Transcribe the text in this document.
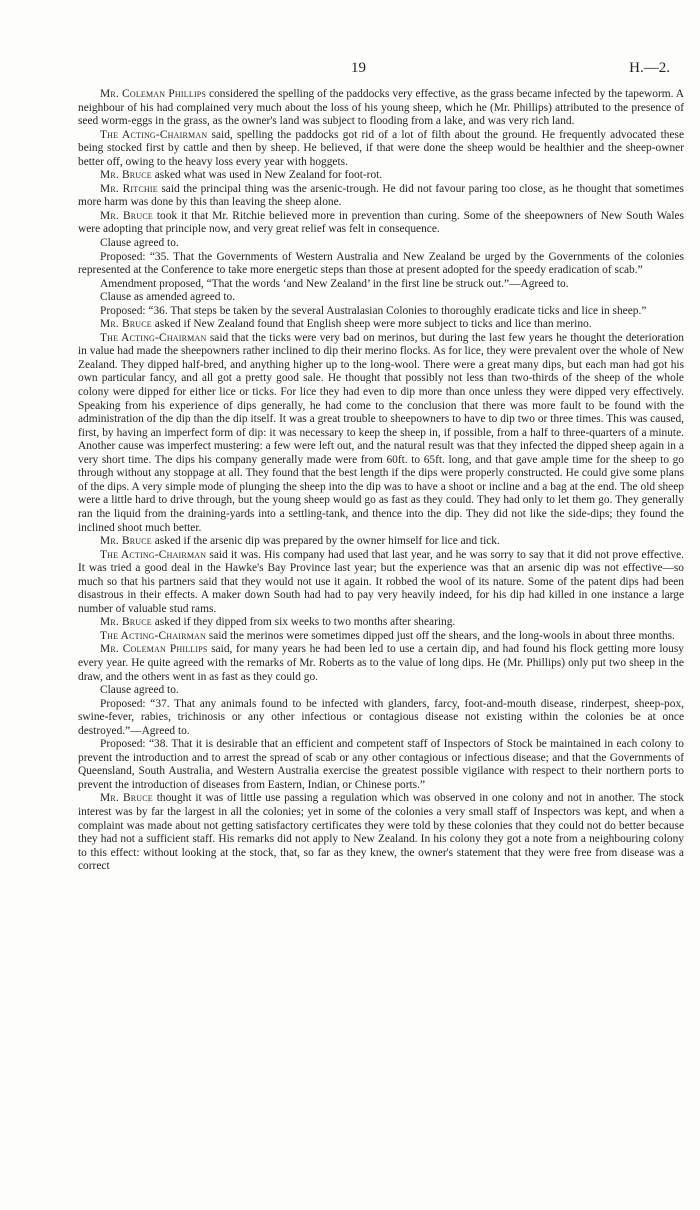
19	H.—2.

Mr. Coleman Phillips considered the spelling of the paddocks very effective, as the grass became infected by the tapeworm. A neighbour of his had complained very much about the loss of his young sheep, which he (Mr. Phillips) attributed to the presence of seed worm-eggs in the grass, as the owner's land was subject to flooding from a lake, and was very rich land.

The Acting-Chairman said, spelling the paddocks got rid of a lot of filth about the ground. He frequently advocated these being stocked first by cattle and then by sheep. He believed, if that were done the sheep would be healthier and the sheep-owner better off, owing to the heavy loss every year with hoggets.

Mr. Bruce asked what was used in New Zealand for foot-rot.

Mr. Ritchie said the principal thing was the arsenic-trough. He did not favour paring too close, as he thought that sometimes more harm was done by this than leaving the sheep alone.

Mr. Bruce took it that Mr. Ritchie believed more in prevention than curing. Some of the sheepowners of New South Wales were adopting that principle now, and very great relief was felt in consequence.

Clause agreed to.

Proposed: “35. That the Governments of Western Australia and New Zealand be urged by the Governments of the colonies represented at the Conference to take more energetic steps than those at present adopted for the speedy eradication of scab.”

Amendment proposed, “That the words ‘and New Zealand’ in the first line be struck out.”—Agreed to.

Clause as amended agreed to.

Proposed: “36. That steps be taken by the several Australasian Colonies to thoroughly eradicate ticks and lice in sheep.”

Mr. Bruce asked if New Zealand found that English sheep were more subject to ticks and lice than merino.

The Acting-Chairman said that the ticks were very bad on merinos, but during the last few years he thought the deterioration in value had made the sheepowners rather inclined to dip their merino flocks. As for lice, they were prevalent over the whole of New Zealand. They dipped half-bred, and anything higher up to the long-wool. There were a great many dips, but each man had got his own particular fancy, and all got a pretty good sale. He thought that possibly not less than two-thirds of the sheep of the whole colony were dipped for either lice or ticks. For lice they had even to dip more than once unless they were dipped very effectively. Speaking from his experience of dips generally, he had come to the conclusion that there was more fault to be found with the administration of the dip than the dip itself. It was a great trouble to sheepowners to have to dip two or three times. This was caused, first, by having an imperfect form of dip: it was necessary to keep the sheep in, if possible, from a half to three-quarters of a minute. Another cause was imperfect mustering: a few were left out, and the natural result was that they infected the dipped sheep again in a very short time. The dips his company generally made were from 60ft. to 65ft. long, and that gave ample time for the sheep to go through without any stoppage at all. They found that the best length if the dips were properly constructed. He could give some plans of the dips. A very simple mode of plunging the sheep into the dip was to have a shoot or incline and a bag at the end. The old sheep were a little hard to drive through, but the young sheep would go as fast as they could. They had only to let them go. They generally ran the liquid from the draining-yards into a settling-tank, and thence into the dip. They did not like the side-dips; they found the inclined shoot much better.

Mr. Bruce asked if the arsenic dip was prepared by the owner himself for lice and tick.

The Acting-Chairman said it was. His company had used that last year, and he was sorry to say that it did not prove effective. It was tried a good deal in the Hawke's Bay Province last year; but the experience was that an arsenic dip was not effective—so much so that his partners said that they would not use it again. It robbed the wool of its nature. Some of the patent dips had been disastrous in their effects. A maker down South had had to pay very heavily indeed, for his dip had killed in one instance a large number of valuable stud rams.

Mr. Bruce asked if they dipped from six weeks to two months after shearing.

The Acting-Chairman said the merinos were sometimes dipped just off the shears, and the long-wools in about three months.

Mr. Coleman Phillips said, for many years he had been led to use a certain dip, and had found his flock getting more lousy every year. He quite agreed with the remarks of Mr. Roberts as to the value of long dips. He (Mr. Phillips) only put two sheep in the draw, and the others went in as fast as they could go.

Clause agreed to.

Proposed: “37. That any animals found to be infected with glanders, farcy, foot-and-mouth disease, rinderpest, sheep-pox, swine-fever, rabies, trichinosis or any other infectious or contagious disease not existing within the colonies be at once destroyed.”—Agreed to.

Proposed: “38. That it is desirable that an efficient and competent staff of Inspectors of Stock be maintained in each colony to prevent the introduction and to arrest the spread of scab or any other contagious or infectious disease; and that the Governments of Queensland, South Australia, and Western Australia exercise the greatest possible vigilance with respect to their northern ports to prevent the introduction of diseases from Eastern, Indian, or Chinese ports.”

Mr. Bruce thought it was of little use passing a regulation which was observed in one colony and not in another. The stock interest was by far the largest in all the colonies; yet in some of the colonies a very small staff of Inspectors was kept, and when a complaint was made about not getting satisfactory certificates they were told by these colonies that they could not do better because they had not a sufficient staff. His remarks did not apply to New Zealand. In his colony they got a note from a neighbouring colony to this effect: without looking at the stock, that, so far as they knew, the owner's statement that they were free from disease was a correct
